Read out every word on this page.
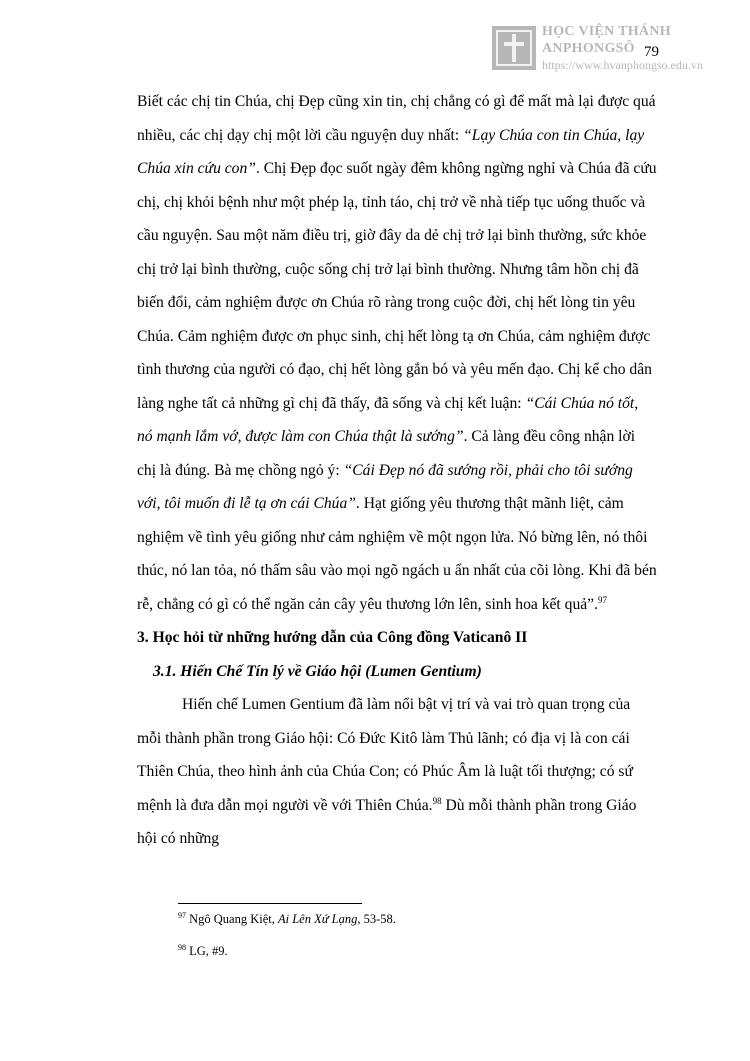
HỌC VIỆN THÁNH ANPHONGSÔ
https://www.hvanphongso.edu.vn
79

Biết các chị tin Chúa, chị Đẹp cũng xin tin, chị chẳng có gì để mất mà lại được quá nhiều, các chị dạy chị một lời cầu nguyện duy nhất: “Lạy Chúa con tin Chúa, lạy Chúa xin cứu con”. Chị Đẹp đọc suốt ngày đêm không ngừng nghỉ và Chúa đã cứu chị, chị khỏi bệnh như một phép lạ, tỉnh táo, chị trở về nhà tiếp tục uống thuốc và cầu nguyện. Sau một năm điều trị, giờ đây da dẻ chị trở lại bình thường, sức khỏe chị trở lại bình thường, cuộc sống chị trở lại bình thường. Nhưng tâm hồn chị đã biến đổi, cảm nghiệm được ơn Chúa rõ ràng trong cuộc đời, chị hết lòng tin yêu Chúa. Cảm nghiệm được ơn phục sinh, chị hết lòng tạ ơn Chúa, cảm nghiệm được tình thương của người có đạo, chị hết lòng gắn bó và yêu mến đạo. Chị kể cho dân làng nghe tất cả những gì chị đã thấy, đã sống và chị kết luận: “Cái Chúa nó tốt, nó mạnh lắm vớ, được làm con Chúa thật là sướng”. Cả làng đều công nhận lời chị là đúng. Bà mẹ chồng ngỏ ý: “Cái Đẹp nó đã sướng rồi, phải cho tôi sướng với, tôi muốn đi lễ tạ ơn cái Chúa”. Hạt giống yêu thương thật mãnh liệt, cảm nghiệm về tình yêu giống như cảm nghiệm về một ngọn lửa. Nó bừng lên, nó thôi thúc, nó lan tỏa, nó thấm sâu vào mọi ngõ ngách u ẩn nhất của cõi lòng. Khi đã bén rễ, chẳng có gì có thể ngăn cản cây yêu thương lớn lên, sinh hoa kết quả”.$^{97}$

3. Học hỏi từ những hướng dẫn của Công đồng Vaticanô II

3.1. Hiến Chế Tín lý về Giáo hội (Lumen Gentium)

Hiến chế Lumen Gentium đã làm nổi bật vị trí và vai trò quan trọng của mỗi thành phần trong Giáo hội: Có Đức Kitô làm Thủ lãnh; có địa vị là con cái Thiên Chúa, theo hình ảnh của Chúa Con; có Phúc Âm là luật tối thượng; có sứ mệnh là đưa dẫn mọi người về với Thiên Chúa.$^{98}$ Dù mỗi thành phần trong Giáo hội có những

$^{97}$ Ngô Quang Kiệt, Ai Lên Xứ Lạng, 53-58.
$^{98}$ LG, #9.
